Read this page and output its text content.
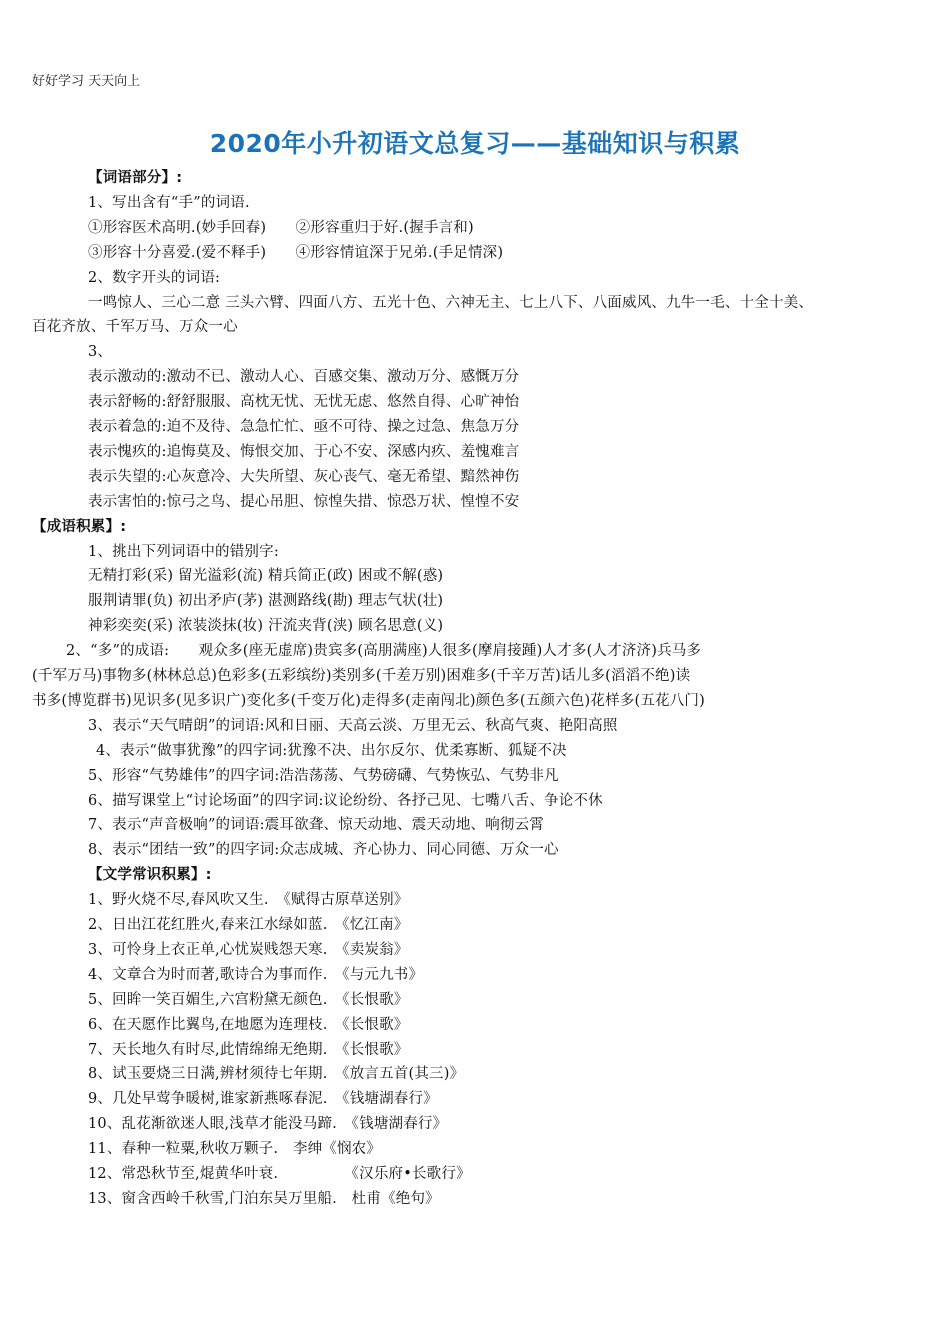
好好学习 天天向上
2020年小升初语文总复习——基础知识与积累
【词语部分】:
1、写出含有“手”的词语.
①形容医术高明.(妙手回春)　　②形容重归于好.(握手言和)
③形容十分喜爱.(爱不释手)　　④形容情谊深于兄弟.(手足情深)
2、数字开头的词语:
一鸣惊人、三心二意 三头六臂、四面八方、五光十色、六神无主、七上八下、八面威风、九牛一毛、十全十美、
百花齐放、千军万马、万众一心
3、
表示激动的:激动不已、激动人心、百感交集、激动万分、感慨万分
表示舒畅的:舒舒服服、高枕无忧、无忧无虑、悠然自得、心旷神怡
表示着急的:迫不及待、急急忙忙、亟不可待、操之过急、焦急万分
表示愧疚的:追悔莫及、悔恨交加、于心不安、深感内疚、羞愧难言
表示失望的:心灰意冷、大失所望、灰心丧气、毫无希望、黯然神伤
表示害怕的:惊弓之鸟、提心吊胆、惊惶失措、惊恐万状、惶惶不安
【成语积累】:
1、挑出下列词语中的错别字:
无精打彩(采) 留光溢彩(流) 精兵简正(政) 困或不解(惑)
服荆请罪(负) 初出矛庐(茅) 湛测路线(勘) 理志气状(壮)
神彩奕奕(采) 浓装淡抹(妆) 汗流夹背(浃) 顾名思意(义)
2、“多”的成语:　　观众多(座无虚席)贵宾多(高朋满座)人很多(摩肩接踵)人才多(人才济济)兵马多
(千军万马)事物多(林林总总)色彩多(五彩缤纷)类别多(千差万别)困难多(千辛万苦)话儿多(滔滔不绝)读
书多(博览群书)见识多(见多识广)变化多(千变万化)走得多(走南闯北)颜色多(五颜六色)花样多(五花八门)
3、表示“天气晴朗”的词语:风和日丽、天高云淡、万里无云、秋高气爽、艳阳高照
4、表示“做事犹豫”的四字词:犹豫不决、出尔反尔、优柔寡断、狐疑不决
5、形容“气势雄伟”的四字词:浩浩荡荡、气势磅礴、气势恢弘、气势非凡
6、描写课堂上“讨论场面”的四字词:议论纷纷、各抒己见、七嘴八舌、争论不休
7、表示“声音极响”的词语:震耳欲聋、惊天动地、震天动地、响彻云霄
8、表示“团结一致”的四字词:众志成城、齐心协力、同心同德、万众一心
【文学常识积累】:
1、野火烧不尽,春风吹又生.　《赋得古原草送别》
2、日出江花红胜火,春来江水绿如蓝.　《忆江南》
3、可怜身上衣正单,心忧炭贱怨天寒.　《卖炭翁》
4、文章合为时而著,歌诗合为事而作.　《与元九书》
5、回眸一笑百媚生,六宫粉黛无颜色.　《长恨歌》
6、在天愿作比翼鸟,在地愿为连理枝.　《长恨歌》
7、天长地久有时尽,此情绵绵无绝期.　《长恨歌》
8、试玉要烧三日满,辨材须待七年期.　《放言五首(其三)》
9、几处早莺争暖树,谁家新燕啄春泥.　《钱塘湖春行》
10、乱花渐欲迷人眼,浅草才能没马蹄.　《钱塘湖春行》
11、春种一粒粟,秋收万颗子.　李绅《悯农》
12、常恐秋节至,焜黄华叶衰.　　　　　《汉乐府•长歌行》
13、窗含西岭千秋雪,门泊东吴万里船.　杜甫《绝句》
